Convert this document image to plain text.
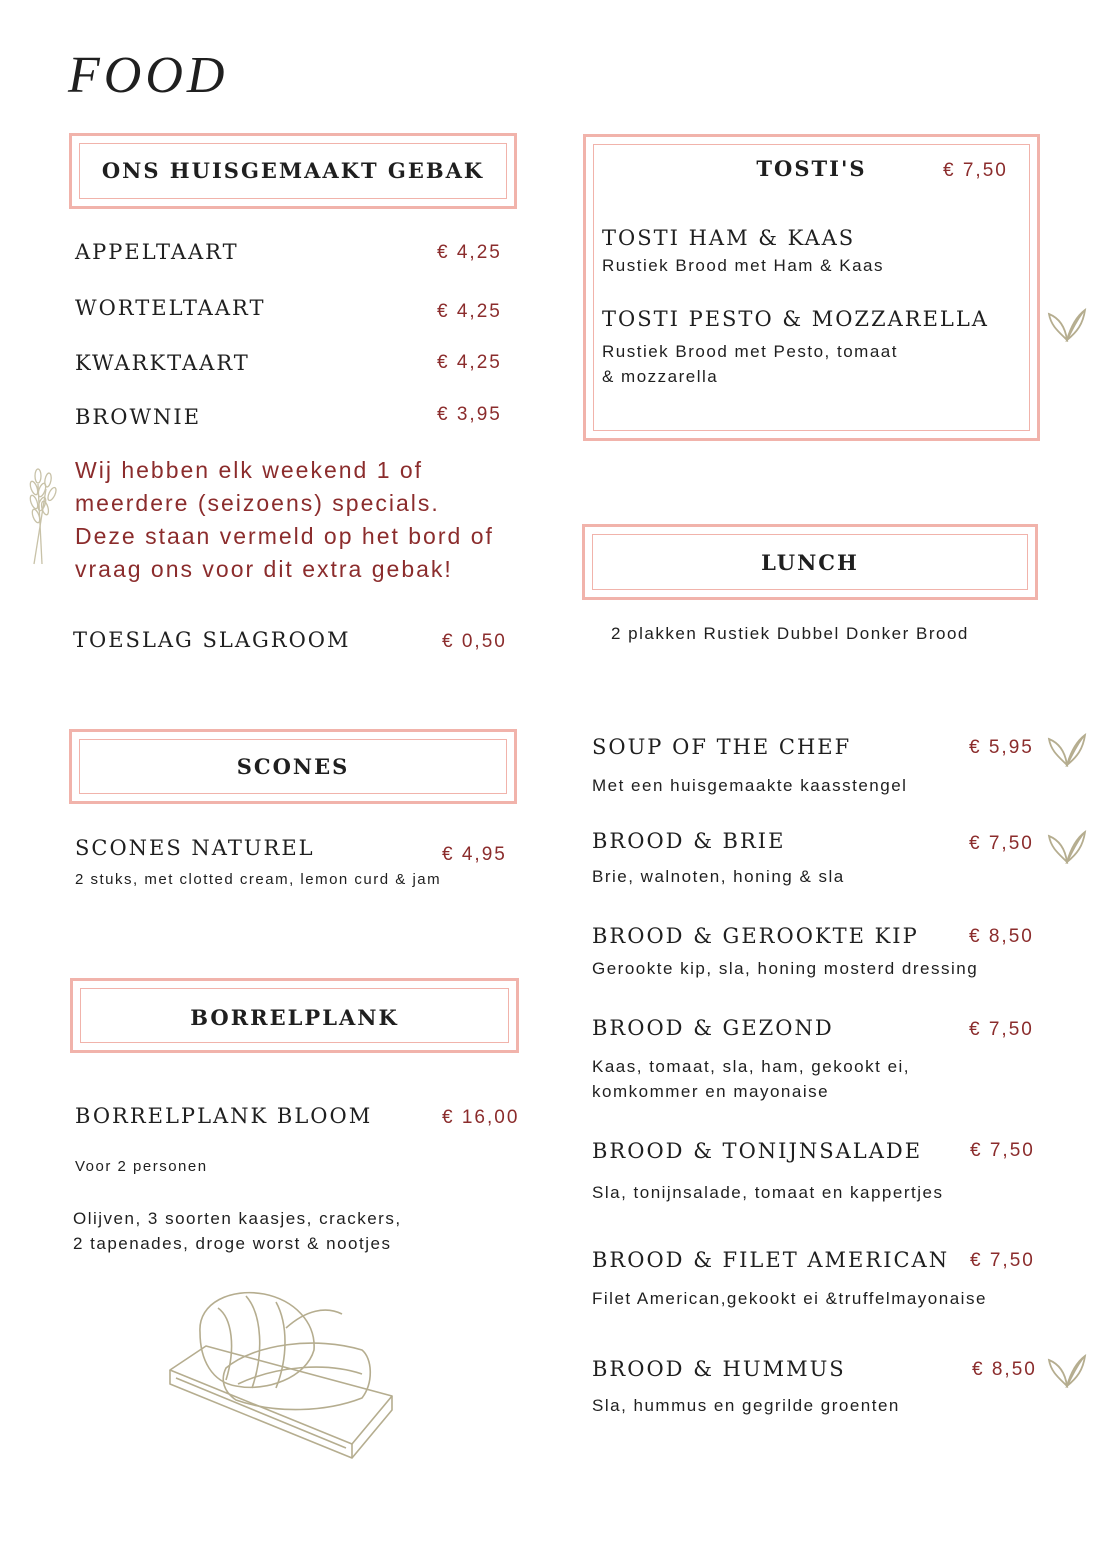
FOOD
ONS HUISGEMAAKT GEBAK
APPELTAART	€ 4,25
WORTELTAART	€ 4,25
KWARKTAART	€ 4,25
BROWNIE	€ 3,95
Wij hebben elk weekend 1 of
meerdere (seizoens) specials.
Deze staan vermeld op het bord of
vraag ons voor dit extra gebak!
TOESLAG SLAGROOM	€ 0,50
SCONES
SCONES NATUREL	€ 4,95
2 stuks, met clotted cream, lemon curd & jam
BORRELPLANK
BORRELPLANK BLOOM	€ 16,00
Voor 2 personen
Olijven, 3 soorten kaasjes, crackers,
2 tapenades, droge worst & nootjes
TOSTI'S	€ 7,50
TOSTI HAM & KAAS
Rustiek Brood met Ham & Kaas
TOSTI PESTO & MOZZARELLA
Rustiek Brood met Pesto, tomaat
& mozzarella
LUNCH
2 plakken Rustiek Dubbel Donker Brood
SOUP OF THE CHEF	€ 5,95
Met een huisgemaakte kaasstengel
BROOD & BRIE	€ 7,50
Brie, walnoten, honing & sla
BROOD & GEROOKTE KIP	€ 8,50
Gerookte kip, sla, honing mosterd dressing
BROOD & GEZOND	€ 7,50
Kaas, tomaat, sla, ham, gekookt ei,
komkommer en mayonaise
BROOD & TONIJNSALADE	€ 7,50
Sla, tonijnsalade, tomaat en kappertjes
BROOD & FILET AMERICAN € 7,50
Filet American,gekookt ei &truffelmayonaise
BROOD & HUMMUS	€ 8,50
Sla, hummus en gegrilde groenten
